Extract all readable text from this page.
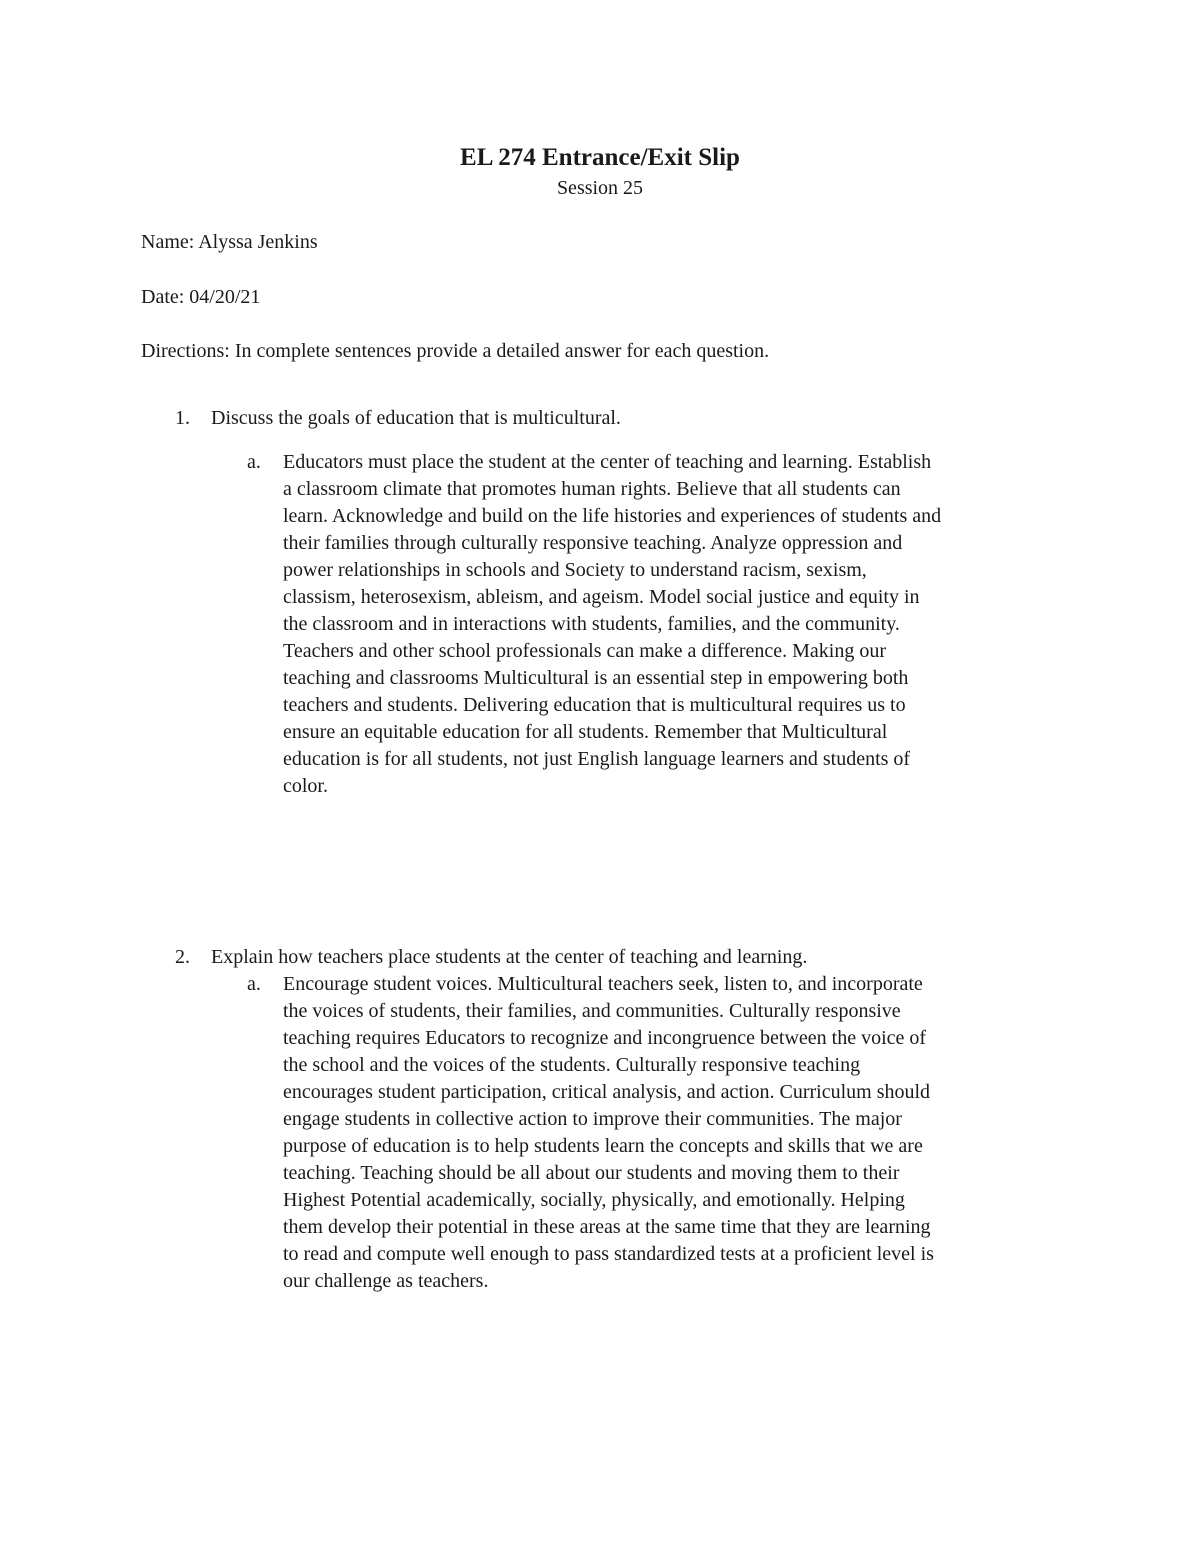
EL 274 Entrance/Exit Slip
Session 25
Name: Alyssa Jenkins
Date: 04/20/21
Directions: In complete sentences provide a detailed answer for each question.
1. Discuss the goals of education that is multicultural.
a. Educators must place the student at the center of teaching and learning. Establish
a classroom climate that promotes human rights. Believe that all students can
learn. Acknowledge and build on the life histories and experiences of students and
their families through culturally responsive teaching. Analyze oppression and
power relationships in schools and Society to understand racism, sexism,
classism, heterosexism, ableism, and ageism. Model social justice and equity in
the classroom and in interactions with students, families, and the community.
Teachers and other school professionals can make a difference. Making our
teaching and classrooms Multicultural is an essential step in empowering both
teachers and students. Delivering education that is multicultural requires us to
ensure an equitable education for all students. Remember that Multicultural
education is for all students, not just English language learners and students of
color.
2. Explain how teachers place students at the center of teaching and learning.
a. Encourage student voices. Multicultural teachers seek, listen to, and incorporate
the voices of students, their families, and communities. Culturally responsive
teaching requires Educators to recognize and incongruence between the voice of
the school and the voices of the students. Culturally responsive teaching
encourages student participation, critical analysis, and action. Curriculum should
engage students in collective action to improve their communities. The major
purpose of education is to help students learn the concepts and skills that we are
teaching. Teaching should be all about our students and moving them to their
Highest Potential academically, socially, physically, and emotionally. Helping
them develop their potential in these areas at the same time that they are learning
to read and compute well enough to pass standardized tests at a proficient level is
our challenge as teachers.
